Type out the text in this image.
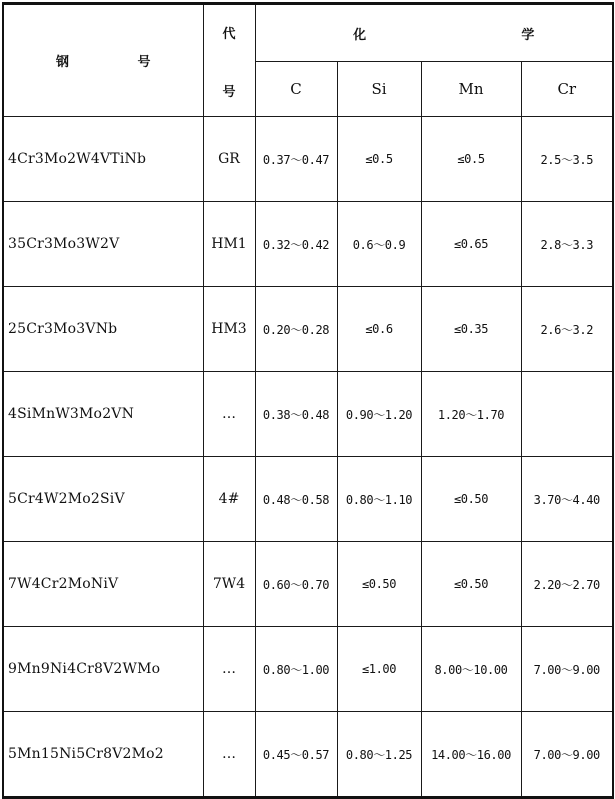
钢 号	代
号	化 学			

		C	Si	Mn	Cr
4Cr3Mo2W4VTiNb	GR	0.37～0.47	≤0.5	≤0.5	2.5～3.5
35Cr3Mo3W2V	HM1	0.32～0.42	0.6～0.9	≤0.65	2.8～3.3
25Cr3Mo3VNb	HM3	0.20～0.28	≤0.6	≤0.35	2.6～3.2
4SiMnW3Mo2VN	…	0.38～0.48	0.90～1.20	1.20～1.70	
5Cr4W2Mo2SiV	4#	0.48～0.58	0.80～1.10	≤0.50	3.70～4.40
7W4Cr2MoNiV	7W4	0.60～0.70	≤0.50	≤0.50	2.20～2.70
9Mn9Ni4Cr8V2WMo	…	0.80～1.00	≤1.00	8.00～10.00	7.00～9.00
5Mn15Ni5Cr8V2Mo2	…	0.45～0.57	0.80～1.25	14.00～16.00	7.00～9.00
